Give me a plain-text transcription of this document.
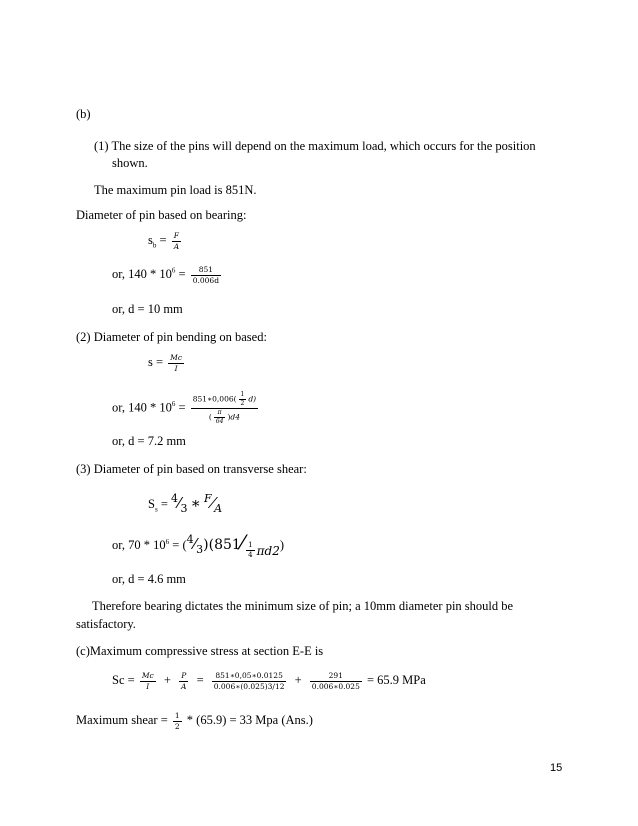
(b)
(1) The size of the pins will depend on the maximum load, which occurs for the position
shown.
The maximum pin load is 851N.
Diameter of pin based on bearing:
$s_b = \frac{F}{A}$
or, $140 * 10^6 = \frac{851}{0.006d}$
or, d = 10 mm
(2) Diameter of pin bending on based:
$s = \frac{Mc}{I}$
or, $140 * 10^6 = \frac{851∗0,006( \frac{1}{2} d)}{( \frac{\pi}{64} )d4}$
or, d = 7.2 mm
(3) Diameter of pin based on transverse shear:
$S_s$ = $^4⁄_3$ ∗ $^F⁄_A$
or, $70 * 10^6$ = $(^4⁄_3)(851⁄ \frac{1}{4} \pi d2)$
or, d = 4.6 mm
Therefore bearing dictates the minimum size of pin; a 10mm diameter pin should be
satisfactory.
(c)Maximum compressive stress at section E-E is
$Sc = \frac{Mc}{I} + \frac{P}{A} = \frac{851∗0,05∗0.0125}{0.006∗(0.025)3/12} + \frac{291}{0.006∗0.025} = 65.9$ MPa
Maximum shear = $\frac{1}{2} * (65.9) = 33$ Mpa (Ans.)
15
